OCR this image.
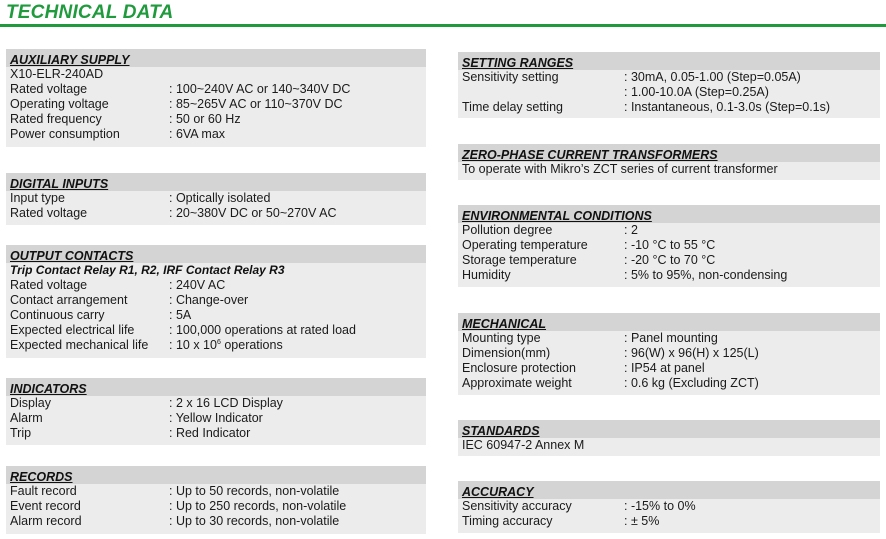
TECHNICAL DATA
AUXILIARY SUPPLY
X10-ELR-240AD
Rated voltage	: 100~240V AC or 140~340V DC
Operating voltage	: 85~265V AC or 110~370V DC
Rated frequency	: 50 or 60 Hz
Power consumption	: 6VA max
DIGITAL INPUTS
Input type	: Optically isolated
Rated voltage	: 20~380V DC or 50~270V AC
OUTPUT CONTACTS
Trip Contact Relay R1, R2, IRF Contact Relay R3
Rated voltage	: 240V AC
Contact arrangement	: Change-over
Continuous carry	: 5A
Expected electrical life	: 100,000 operations at rated load
Expected mechanical life : 10 x $10^6$ operations
INDICATORS
Display	: 2 x 16 LCD Display
Alarm	: Yellow Indicator
Trip	: Red Indicator
RECORDS
Fault record	: Up to 50 records, non-volatile
Event record	: Up to 250 records, non-volatile
Alarm record	: Up to 30 records, non-volatile
SETTING RANGES
Sensitivity setting	: 30mA, 0.05-1.00 (Step=0.05A)
: 1.00-10.0A (Step=0.25A)
Time delay setting	: Instantaneous, 0.1-3.0s (Step=0.1s)
ZERO-PHASE CURRENT TRANSFORMERS
To operate with Mikro’s ZCT series of current transformer
ENVIRONMENTAL CONDITIONS
Pollution degree	: 2
Operating temperature	: -10 °C to 55 °C
Storage temperature	: -20 °C to 70 °C
Humidity	: 5% to 95%, non-condensing
MECHANICAL
Mounting type	: Panel mounting
Dimension(mm)	: 96(W) x 96(H) x 125(L)
Enclosure protection	: IP54 at panel
Approximate weight	: 0.6 kg (Excluding ZCT)
STANDARDS
IEC 60947-2 Annex M
ACCURACY
Sensitivity accuracy	: -15% to 0%
Timing accuracy	: ± 5%
